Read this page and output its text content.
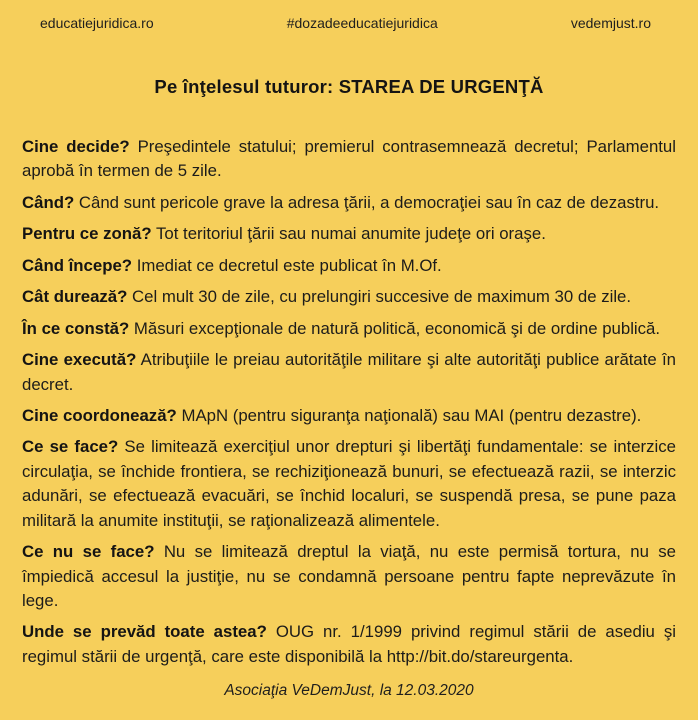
educatiejuridica.ro	#dozadeeducatiejuridica	vedemjust.ro
Pe înţelesul tuturor: STAREA DE URGENŢĂ

Cine decide? Preşedintele statului; premierul contrasemnează decretul; Parlamentul aprobă în termen de 5 zile.

Când? Când sunt pericole grave la adresa ţării, a democraţiei sau în caz de dezastru.

Pentru ce zonă? Tot teritoriul ţării sau numai anumite judeţe ori oraşe.

Când începe? Imediat ce decretul este publicat în M.Of.

Cât durează? Cel mult 30 de zile, cu prelungiri succesive de maximum 30 de zile.

În ce constă? Măsuri excepţionale de natură politică, economică şi de ordine publică.

Cine execută? Atribuţiile le preiau autorităţile militare şi alte autorităţi publice arătate în decret.

Cine coordonează? MApN (pentru siguranţa naţională) sau MAI (pentru dezastre).

Ce se face? Se limitează exerciţiul unor drepturi şi libertăţi fundamentale: se interzice circulaţia, se închide frontiera, se rechiziţionează bunuri, se efectuează razii, se interzic adunări, se efectuează evacuări, se închid localuri, se suspendă presa, se pune paza militară la anumite instituţii, se raţionalizează alimentele.

Ce nu se face? Nu se limitează dreptul la viaţă, nu este permisă tortura, nu se împiedică accesul la justiţie, nu se condamnă persoane pentru fapte neprevăzute în lege.

Unde se prevăd toate astea? OUG nr. 1/1999 privind regimul stării de asediu şi regimul stării de urgenţă, care este disponibilă la http://bit.do/stareurgenta.

Asociaţia VeDemJust, la 12.03.2020
